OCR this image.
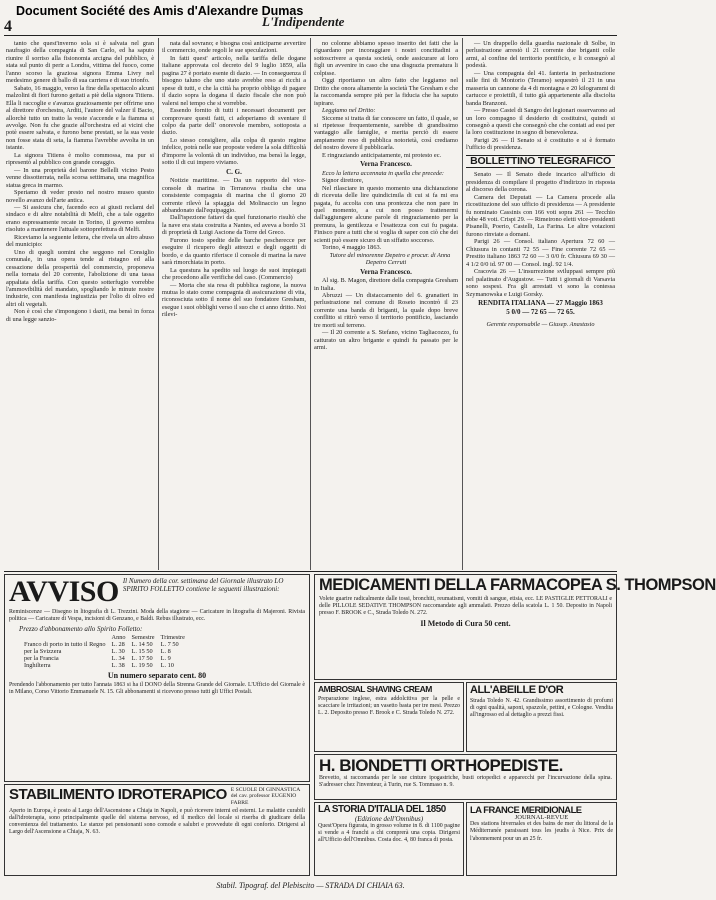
Document Société des Amis d'Alexandre Dumas
4	L'Indipendente

tanto che quest'inverno sola si è salvata nel gran naufragio della compagnia di San Carlo, ed ha saputo riunire il sorriso alla fisionomia arcigna del pubblico, è stata sul punto di perir a Londra, vittima del fuoco, come l'anno scorso la graziosa signora Emma Livry nel medesimo genere di ballo di sua carriera e di suo trionfo.

Sabato, 16 maggio, verso la fine della spettacolo alcuni malzolini di fiori furono gettati a piè della signora Titiens. Ella li raccoglie e s'avanza graziosamente per offrirne uno al direttore d'orchestra, Arditi, l'autore del valzer il Bacio, allorchè tutto un tratto la veste s'accende e la fiamma si avvolge. Non fu che grazie all'orchestra ed ai vicini che potè essere salvata, e furono bene prestati, se la sua veste non fosse stata di seta, la fiamma l'avrebbe avvolta in un istante.

La signora Titiens è molto commossa, ma pur si ripresentò al pubblico con grande coraggio.

— In una proprietà del barone Bellelli vicino Pesto venne dissotterrata, nella scorsa settimana, una magnifica statua greca in marmo.

Speriamo di veder presto nel nostro museo questo novello avanzo dell'arte antica.

— Si assicura che, facendo eco ai giusti reclami del sindaco e di altre notabilità di Melfi, che a tale oggetto erano espressamente recate in Torino, il governo sembra risoluto a mantenere l'attuale sottoprefettura di Melfi.

Riceviamo la seguente lettera, che rivela un altro abuso del municipio:

Uno di quegli uomini che seggono nel Consiglio comunale, in una opera tende al ristagno ed alla cessazione della prosperità del commercio, proponeva nella tornata del 20 corrente, l'abolizione di una tassa appaltata della tariffa. Con questo sotterfugio vorrebbe l'ammovibilità del mandato, spogliando le minute nostre industrie, con manifesta ingiustizia per l'olio di olivo ed altri oli vegetali.

Non è così che s'impongono i dazii, ma bensì in forza di una legge sanzio-

nata dal sovrano; e bisogna così anticiparne avvertire il commercio, onde regoli le sue speculazioni.

In fatti quest' articolo, nella tariffa delle dogane italiane approvata col decreto del 9 luglio 1859, alla pagina 27 è portato esente di dazio. — In conseguenza il bisogno taluno che uno stato avrebbe reso ai ricchi a spese di tutti, e che la città ha proprio obbligo di pagare il dazio sopra la dogana il dazio fiscale che non può valersi nel tempo che si vorrebbe.

Essendo fornito di tutti i necessari documenti per comprovare questi fatti, ci adoperiamo di sventare il colpo da parte dell' onorevole membro, sottoposta a dazio.

Lo stesso consigliere, alla colpa di questo regime infelice, potrà nelle sue proposte vedere la sola difficoltà d'imporre la volontà di un individuo, ma bensì la legge, sotto il di cui impero viviamo.

C. G.

Notizie marittime. — Da un rapporto del vice-console di marina in Terranova risulta che una consistente compagnia di marina che il giorno 20 corrente rilevò la spiaggia del Molinaccio un legno abbandonato dall'equipaggio.

Dall'ispezione fattavi da quel funzionario risultò che la nave era stata costruita a Nantes, ed aveva a bordo 31 di proprietà di Luigi Ascione da Torre del Greco.

Furono tosto spedite delle barche pescherecce per eseguire il ricupero degli attrezzi e degli oggetti di bordo, e da quanto riferisce il console di marina la nave sarà rimorchiata in porto.

La questura ha spedito sul luogo de suoi impiegati che procedono alle verifiche del caso. (Commercio)

— Morta che sia resa di pubblica ragione, la nuova mutua lo stato come compagnia di assicurazione di vita, riconosciuta sotto il nome del suo fondatore Gresham, esegue i suoi obblighi verso il suo che ci anno dritto. Noi rilevi-

no colonne abbiamo spesso inserito dei fatti che la riguardano per incoraggiare i nostri concittadini a sottoscrivere a questa società, onde assicurare ai loro figli un avvenire in caso che una disgrazia prematura li colpisse.

Oggi riportiamo un altro fatto che leggiamo nel Dritto che onora altamente la società The Gresham e che la raccomanda sempre più per la fiducia che ha saputo ispirare.

Leggiamo nel Dritto:

Sicceme si tratta di far conoscere un fatto, il quale, se si ripetesse frequentemente, sarebbe di grandissimo vantaggio alle famiglie, e merita perciò di essere ampiamente reso di pubblica notorietà, così crediamo del nostro dovere il pubblicarla.

E ringraziando anticipatamente, mi protesto ec.

Verna Francesco.

Ecco la lettera accennata in quella che precede:

Signor direttore,

Nel rilasciare in questo momento una dichiarazione di ricevuta delle lire quindicimila di cui si fa mi era pagata, fu accolta con una prontezza che non pare in quel momento, a cui non posso trattenermi dall'aggiungere alcune parole di ringraziamento per la premura, la gentilezza e l'esattezza con cui fu pagata. Finisco pure a tutti che si voglia di saper con ciò che dei scienti può essere sicuro di un siffatto soccorso.

Torino, 4 maggio 1863.

Tutore del minorenne Depetro e procur. di Anna Depetro Cerruti

Verna Francesco.

Al sig. B. Magon, direttore della compagnia Gresham in Italia.

Abruzzi — Un distaccamento del 6. granatieri in perlustrazione nel comune di Roseto incontrò il 23 corrente una banda di briganti, la quale dopo breve conflitto si ritirò verso il territorio pontificio, lasciando tre morti sul terreno.

— Il 20 corrente a S. Stefano, vicino Tagliacozzo, fu catturato un altro brigante e quindi fu passato per le armi.

— Un drappello della guardia nazionale di Solbe, in perlustrazione arrestò il 21 corrente due briganti colle armi, al confine del territorio pontificio, e li consegnò al podestà.

— Una compagnia del 41. fanteria in perlustrazione sulle fini di Montorio (Teramo) sequestrò il 21 in una masseria un cannone da 4 di montagna e 20 kilogrammi di cartucce e proiettili, il tutto già appartenente alla disciolta banda Branzoni.

— Presso Castel di Sangro dei legionari osservarono ad un loro compagno il desiderio di costituirsi, quindi si consegnò a questi che consegnò che che contati ad essi per la loro costituzione in segno di benevolenza.

Parigi 26 — Il Senato si è costituito e si è formato l'ufficio di presidenza.

BOLLETTINO TELEGRAFICO

Senato — Il Senato diede incarico all'ufficio di presidenza di compilare il progetto d'indirizzo in risposta al discorso della corona.

Camera dei Deputati — La Camera procede alla ricostituzione del suo ufficio di presidenza — A presidente fu nominato Cassinis con 166 voti sopra 261 — Tecchio ebbe 48 voti. Crispi 29. — Rimeirono eletti vice-presidenti Pisanelli, Poerio, Castelli, La Farina. Le altre votazioni furono rinviate a domani.

Parigi 26 — Consol. italiano Apertura 72 60 — Chiusura in contanti 72 55 — Fine corrente 72 65 — Prestito italiano 1863 72 60 — 3 0/0 fr. Chiusura 69 30 — 4 1/2 0/0 id. 97 00 — Consol. ingl. 92 1/4.

Cracovia 26 — L'insurrezione sviluppasi sempre più nel palatinato d'Augustow. — Tutti i giornali di Varsavia sono sospesi. Fra gli arrestati vi sono la contessa Szymanowska e Luigi Gorsky.

RENDITA ITALIANA — 27 Maggio 1863
5 0/0 — 72 65 — 72 65.

Gerente responsabile — Giusep. Anastasio

AVVISO Il Numero della cor. settimana del Giornale illustrato LO SPIRITO FOLLETTO contiene le seguenti illustrazioni:
Reminiscenze — Disegno in litografia di L. Trezzini. Moda della stagione — Caricature in litografia di Majeroni. Rivista politica — Caricature di Vespa, incisioni di Genzano, e Baldi. Rebus illustrato, ecc.
Prezzo d'abbonamento allo Spirito Folletto:
	Anno	Semestre	Trimestre
Franco di porto in tutto il Regno	L. 28	L. 14 50	L. 7 50
per la Svizzera	L. 30	L. 15 50	L. 8
per la Francia	L. 34	L. 17 50	L. 9
Inghilterra	L. 38	L. 19 50	L. 10
Un numero separato cent. 80
Prendendo l'abbonamento per tutto l'annata 1863 si ha il DONO della Strenna Grande del Giornale. L'Ufficio del Giornale è in Milano, Corso Vittorio Emmanuele N. 15. Gli abbonamenti si ricevono presso tutti gli Uffici Postali.
STABILIMENTO IDROTERAPICO E SCUOLE DI GINNASTICA del cav. professor EUGENIO FABRE
Aperto in Europa, è posto al Largo dell'Ascensione a Chiaja in Napoli, e può ricevere interni ed esterni. Le malattie curabili dall'idroterapia, sono principalmente quelle del sistema nervoso, ed il medico del locale si riserba di giudicare della convenienza del trattamento. Le stanze pei pensionanti sono comode e salubri e provvedute di ogni conforto. Dirigersi al Largo dell'Ascensione a Chiaja, N. 63.
MEDICAMENTI DELLA FARMACOPEA S. THOMPSON
Volete guarire radicalmente dalle tossi, bronchiti, reumatismi, vomiti di sangue, etisia, ecc. LE PASTIGLIE PETTORALI e delle PILLOLE SEDATIVE THOMPSON raccomandate agli ammalati. Prezzo della scatola L. 1 50. Deposito in Napoli presso F. BROOK e C., Strada Toledo N. 272.
Il Metodo di Cura 50 cent.
AMBROSIAL SHAVING CREAM
Preparazione inglese, estra addolcitiva per la pelle e scacciare le irritazioni; un vasetto basta per tre mesi. Prezzo L. 2. Deposito presso F. Brook e C. Strada Toledo N. 272.
ALL'ABEILLE D'OR
Strada Toledo N. 42. Grandissimo assortimento di profumi di ogni qualità, saponi, spazzole, pettini, e Cologne. Vendita all'ingrosso ed al dettaglio a prezzi fissi.
H. BIONDETTI ORTHOPEDISTE.
Brevetto, si raccomanda per le sue cinture ipogastriche, busti ortopedici e apparecchi per l'incurvazione della spina. S'adresser chez l'inventeur, à Turin, rue S. Tommaso n. 9.
LA STORIA D'ITALIA DEL 1850
(Edizione dell'Omnibus)
Quest'Opera figurata, in grosso volume in 8. di 1100 pagine si vende a 4 franchi a chi comprerà una copia. Dirigersi all'Ufficio dell'Omnibus. Costa doc. 4, 80 franca di posta.
LA FRANCE MERIDIONALE
JOURNAL-REVUE
Des stations hivernales et des bains de mer du littoral de la Méditerranée paraissant tous les jeudis à Nice. Prix de l'abonnement pour un an 25 fr.
Stabil. Tipograf. del Plebiscito — STRADA DI CHIAIA 63.
